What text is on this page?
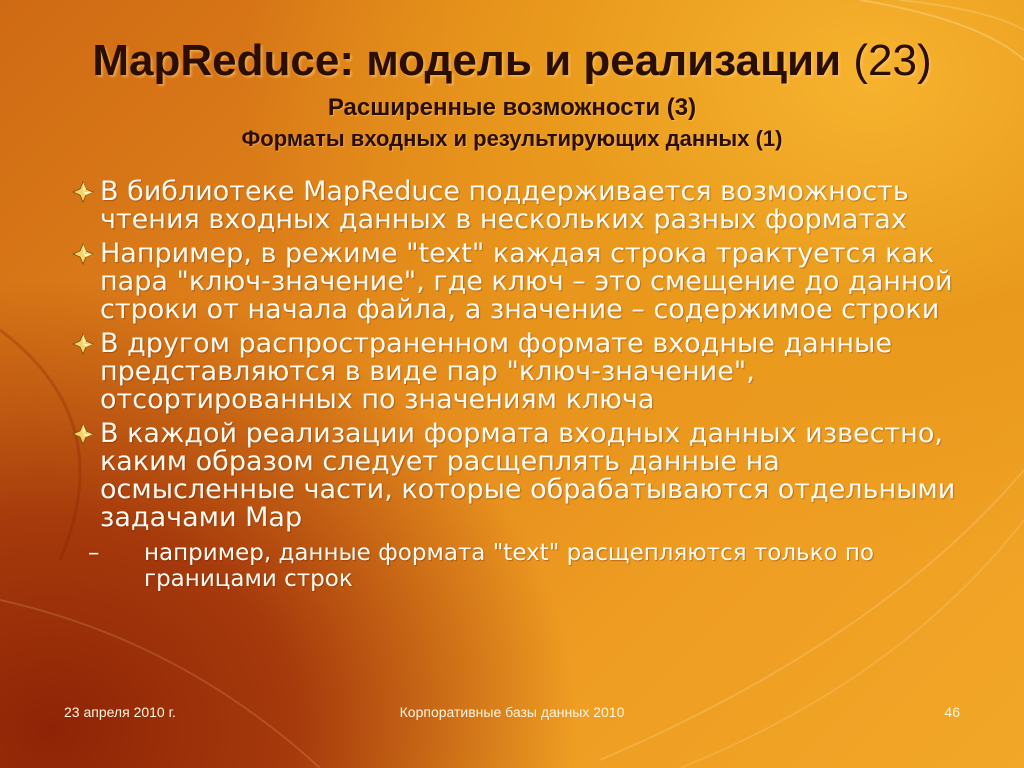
MapReduce: модель и реализации (23)
Расширенные возможности (3)
Форматы входных и результирующих данных (1)
В библиотеке MapReduce поддерживается возможность чтения входных данных в нескольких разных форматах
Например, в режиме "text" каждая строка трактуется как пара "ключ-значение", где ключ – это смещение до данной строки от начала файла, а значение – содержимое строки
В другом распространенном формате входные данные представляются в виде пар "ключ-значение", отсортированных по значениям ключа
В каждой реализации формата входных данных известно, каким образом следует расщеплять данные на осмысленные части, которые обрабатываются отдельными задачами Map
– например, данные формата "text" расщепляются только по границами строк
23 апреля 2010 г.	Корпоративные базы данных 2010	46
